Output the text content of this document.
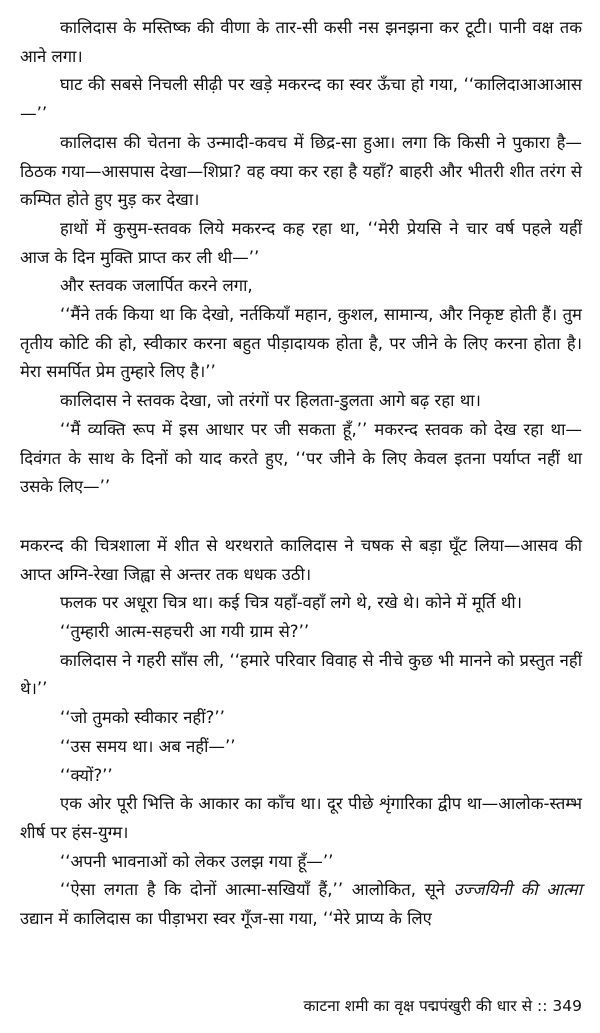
कालिदास के मस्तिष्क की वीणा के तार-सी कसी नस झनझना कर टूटी। पानी वक्ष तक आने लगा।

घाट की सबसे निचली सीढ़ी पर खड़े मकरन्द का स्वर ऊँचा हो गया, ‘‘कालिदाआआआस—’’

कालिदास की चेतना के उन्मादी-कवच में छिद्र-सा हुआ। लगा कि किसी ने पुकारा है—ठिठक गया—आसपास देखा—शिप्रा? वह क्या कर रहा है यहाँ? बाहरी और भीतरी शीत तरंग से कम्पित होते हुए मुड़ कर देखा।

हाथों में कुसुम-स्तवक लिये मकरन्द कह रहा था, ‘‘मेरी प्रेयसि ने चार वर्ष पहले यहीं आज के दिन मुक्ति प्राप्त कर ली थी—’’

और स्तवक जलार्पित करने लगा,

‘‘मैंने तर्क किया था कि देखो, नर्तकियाँ महान, कुशल, सामान्य, और निकृष्ट होती हैं। तुम तृतीय कोटि की हो, स्वीकार करना बहुत पीड़ादायक होता है, पर जीने के लिए करना होता है। मेरा समर्पित प्रेम तुम्हारे लिए है।’’

कालिदास ने स्तवक देखा, जो तरंगों पर हिलता-डुलता आगे बढ़ रहा था।

‘‘मैं व्यक्ति रूप में इस आधार पर जी सकता हूँ,’’ मकरन्द स्तवक को देख रहा था—दिवंगत के साथ के दिनों को याद करते हुए, ‘‘पर जीने के लिए केवल इतना पर्याप्त नहीं था उसके लिए—’’

मकरन्द की चित्रशाला में शीत से थरथराते कालिदास ने चषक से बड़ा घूँट लिया—आसव की आप्त अग्नि-रेखा जिह्वा से अन्तर तक धधक उठी।

फलक पर अधूरा चित्र था। कई चित्र यहाँ-वहाँ लगे थे, रखे थे। कोने में मूर्ति थी।

‘‘तुम्हारी आत्म-सहचरी आ गयी ग्राम से?’’

कालिदास ने गहरी साँस ली, ‘‘हमारे परिवार विवाह से नीचे कुछ भी मानने को प्रस्तुत नहीं थे।’’

‘‘जो तुमको स्वीकार नहीं?’’

‘‘उस समय था। अब नहीं—’’

‘‘क्यों?’’

एक ओर पूरी भित्ति के आकार का काँच था। दूर पीछे शृंगारिका द्वीप था—आलोक-स्तम्भ शीर्ष पर हंस-युग्म।

‘‘अपनी भावनाओं को लेकर उलझ गया हूँ—’’

‘‘ऐसा लगता है कि दोनों आत्मा-सखियाँ हैं,’’ आलोकित, सूने उज्जयिनी की आत्मा उद्यान में कालिदास का पीड़ाभरा स्वर गूँज-सा गया, ‘‘मेरे प्राप्य के लिए

काटना शमी का वृक्ष पद्मपंखुरी की धार से :: 349
